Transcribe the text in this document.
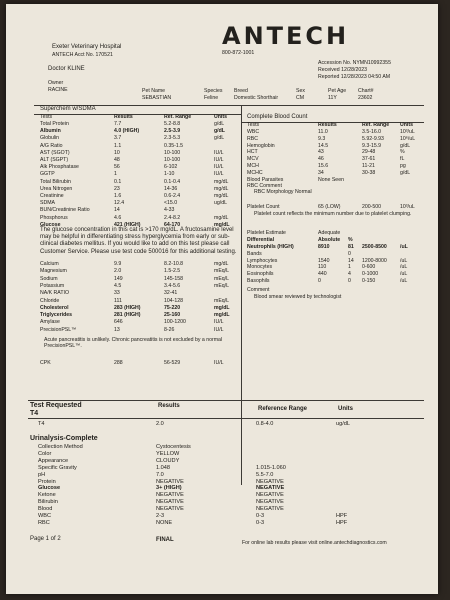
ANTECH
800-872-1001
Exeter Veterinary Hospital
ANTECH Acct No. 170521
Doctor KLINE
Accession No. NYMN10992355
Received 12/28/2023
Reported 12/28/2023 04:50 AM
Owner
RACINE	Pet Name	Species	Breed	Sex	Pet Age	Chart#
SEBASTIAN	Feline	Domestic Shorthair	CM	11Y	23602
Superchem w/SDMA
Tests	Results	Ref. Range	Units
Total Protein	7.7	5.2-8.8	g/dL
Albumin	4.0 (HIGH)	2.5-3.9	g/dL
Globulin	3.7	2.3-5.3	g/dL
A/G Ratio	1.1	0.35-1.5
AST (SGOT)	10	10-100	IU/L
ALT (SGPT)	48	10-100	IU/L
Alk Phosphatase	56	6-102	IU/L
GGTP	1	1-10	IU/L
Total Bilirubin	0.1	0.1-0.4	mg/dL
Urea Nitrogen	23	14-36	mg/dL
Creatinine	1.6	0.6-2.4	mg/dL
SDMA	12.4	<15.0	ug/dL
BUN/Creatinine Ratio	14	4-33
Phosphorus	4.6	2.4-8.2	mg/dL
Glucose	421 (HIGH)	64-170	mg/dL
The glucose concentration in this cat is >170 mg/dL. A fructosamine level may be helpful in differentiating stress hyperglycemia from early or sub-clinical diabetes mellitus. If you would like to add on this test please call Customer Service. Please use test code 500016 for this additional testing.
Calcium	9.9	8.2-10.8	mg/dL
Magnesium	2.0	1.5-2.5	mEq/L
Sodium	149	145-158	mEq/L
Potassium	4.5	3.4-5.6	mEq/L
NA/K RATIO	33	32-41
Chloride	111	104-128	mEq/L
Cholesterol	283 (HIGH)	75-220	mg/dL
Triglycerides	281 (HIGH)	25-160	mg/dL
Amylase	646	100-1200	IU/L
PrecisionPSL™	13	8-26	IU/L
Acute pancreatitis is unlikely. Chronic pancreatitis is not excluded by a normal PrecisionPSL™.
CPK	288	56-529	IU/L
Complete Blood Count
Tests	Results	Ref. Range	Units
WBC	11.0	3.5-16.0	10³/uL
RBC	9.3	5.92-9.93	10⁶/uL
Hemoglobin	14.5	9.3-15.9	g/dL
HCT	43	29-48	%
MCV	46	37-61	fL
MCH	15.6	11-21	pg
MCHC	34	30-38	g/dL
Blood Parasites	None Seen
RBC Comment
RBC Morphology Normal
Platelet Count	65 (LOW)	200-500	10³/uL
Platelet count reflects the minimum number due to platelet clumping.
Platelet Estimate	Adequate
Differential	Absolute	%
Neutrophils (HIGH)	8910	81	2500-8500	/uL
Bands	0
Lymphocytes	1540	14	1200-8000	/uL
Monocytes	110	1	0-600	/uL
Eosinophils	440	4	0-1000	/uL
Basophils	0	0	0-150	/uL
Comment
Blood smear reviewed by technologist
Test Requested	Results	Reference Range	Units
T4
T4	2.0	0.8-4.0	ug/dL
Urinalysis-Complete
Collection Method	Cystocentesis
Color	YELLOW
Appearance	CLOUDY
Specific Gravity	1.048	1.015-1.060
pH	7.0	5.5-7.0
Protein	NEGATIVE	NEGATIVE
Glucose	3+ (HIGH)	NEGATIVE
Ketone	NEGATIVE	NEGATIVE
Bilirubin	NEGATIVE	NEGATIVE
Blood	NEGATIVE	NEGATIVE
WBC	2-3	0-3	HPF
RBC	NONE	0-3	HPF
Page 1 of 2	FINAL	For online lab results please visit online.antechdiagnostics.com
